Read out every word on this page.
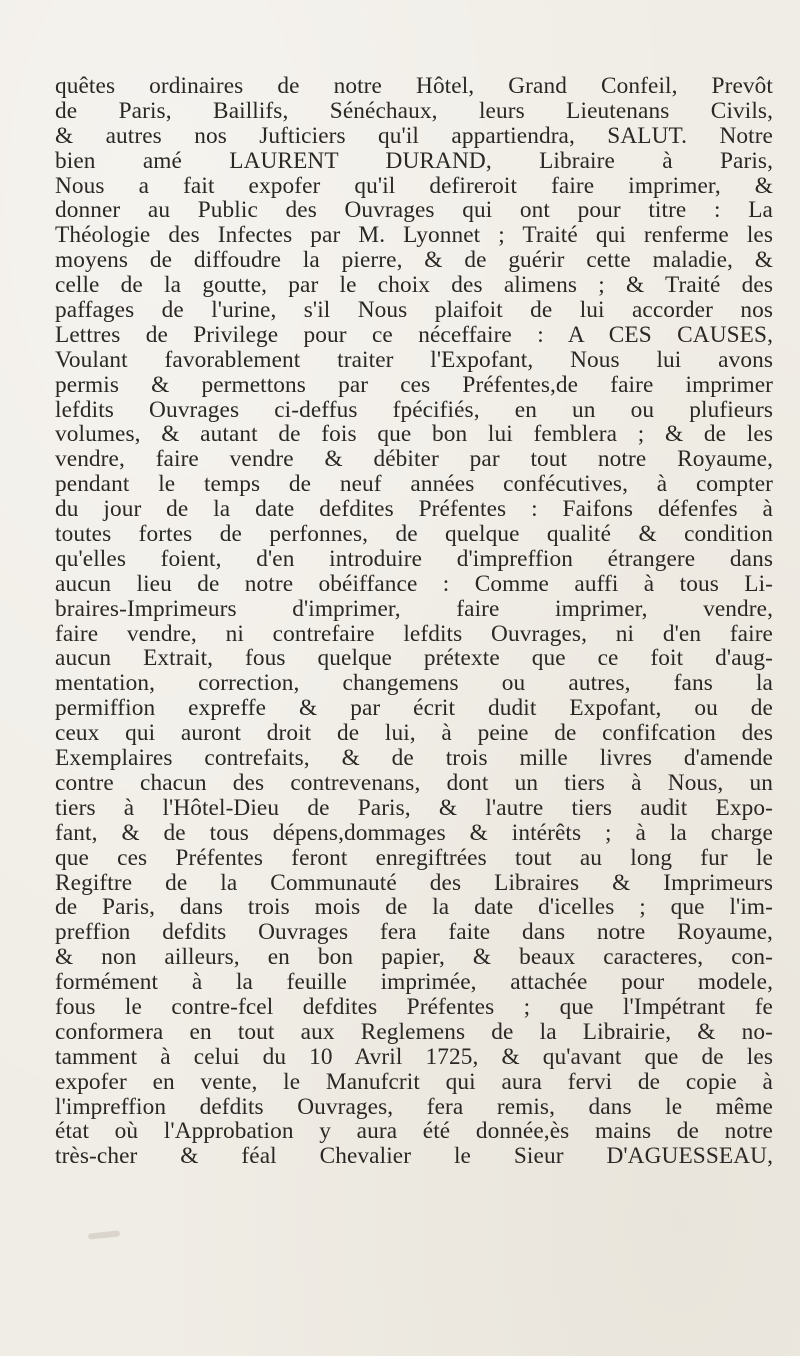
quêtes ordinaires de notre Hôtel, Grand Confeil, Prevôt
de Paris, Baillifs, Sénéchaux, leurs Lieutenans Civils,
& autres nos Jufticiers qu'il appartiendra, SALUT. Notre
bien amé LAURENT DURAND, Libraire à Paris,
Nous a fait expofer qu'il defireroit faire imprimer, &
donner au Public des Ouvrages qui ont pour titre : La
Théologie des Infectes par M. Lyonnet ; Traité qui renferme les
moyens de diffoudre la pierre, & de guérir cette maladie, &
celle de la goutte, par le choix des alimens ; & Traité des
paffages de l'urine, s'il Nous plaifoit de lui accorder nos
Lettres de Privilege pour ce néceffaire : A CES CAUSES,
Voulant favorablement traiter l'Expofant, Nous lui avons
permis & permettons par ces Préfentes,de faire imprimer
lefdits Ouvrages ci-deffus fpécifiés, en un ou plufieurs
volumes, & autant de fois que bon lui femblera ; & de les
vendre, faire vendre & débiter par tout notre Royaume,
pendant le temps de neuf années confécutives, à compter
du jour de la date defdites Préfentes : Faifons défenfes à
toutes fortes de perfonnes, de quelque qualité & condition
qu'elles foient, d'en introduire d'impreffion étrangere dans
aucun lieu de notre obéiffance : Comme auffi à tous Li-
braires-Imprimeurs d'imprimer, faire imprimer, vendre,
faire vendre, ni contrefaire lefdits Ouvrages, ni d'en faire
aucun Extrait, fous quelque prétexte que ce foit d'aug-
mentation, correction, changemens ou autres, fans la
permiffion expreffe & par écrit dudit Expofant, ou de
ceux qui auront droit de lui, à peine de confifcation des
Exemplaires contrefaits, & de trois mille livres d'amende
contre chacun des contrevenans, dont un tiers à Nous, un
tiers à l'Hôtel-Dieu de Paris, & l'autre tiers audit Expo-
fant, & de tous dépens,dommages & intérêts ; à la charge
que ces Préfentes feront enregiftrées tout au long fur le
Regiftre de la Communauté des Libraires & Imprimeurs
de Paris, dans trois mois de la date d'icelles ; que l'im-
preffion defdits Ouvrages fera faite dans notre Royaume,
& non ailleurs, en bon papier, & beaux caracteres, con-
formément à la feuille imprimée, attachée pour modele,
fous le contre-fcel defdites Préfentes ; que l'Impétrant fe
conformera en tout aux Reglemens de la Librairie, & no-
tamment à celui du 10 Avril 1725, & qu'avant que de les
expofer en vente, le Manufcrit qui aura fervi de copie à
l'impreffion defdits Ouvrages, fera remis, dans le même
état où l'Approbation y aura été donnée,ès mains de notre
très-cher & féal Chevalier le Sieur D'AGUESSEAU,
